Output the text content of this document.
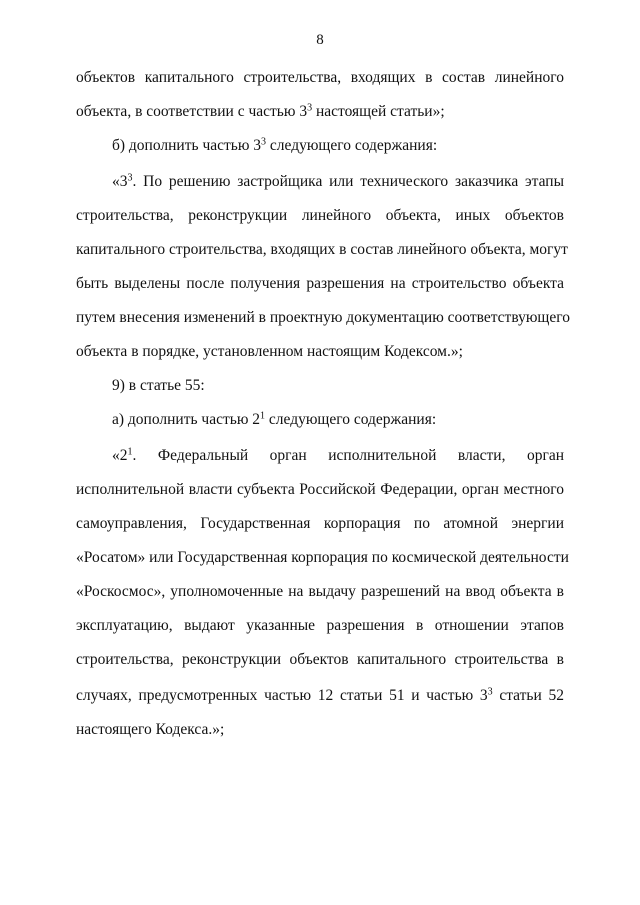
8
объектов капитального строительства, входящих в состав линейного
объекта, в соответствии с частью $3^3$ настоящей статьи»;
б) дополнить частью $3^3$ следующего содержания:
«$3^3$. По решению застройщика или технического заказчика этапы
строительства, реконструкции линейного объекта, иных объектов
капитального строительства, входящих в состав линейного объекта, могут
быть выделены после получения разрешения на строительство объекта
путем внесения изменений в проектную документацию соответствующего
объекта в порядке, установленном настоящим Кодексом.»;
9) в статье 55:
а) дополнить частью $2^1$ следующего содержания:
«$2^1$. Федеральный орган исполнительной власти, орган
исполнительной власти субъекта Российской Федерации, орган местного
самоуправления, Государственная корпорация по атомной энергии
«Росатом» или Государственная корпорация по космической деятельности
«Роскосмос», уполномоченные на выдачу разрешений на ввод объекта в
эксплуатацию, выдают указанные разрешения в отношении этапов
строительства, реконструкции объектов капитального строительства в
случаях, предусмотренных частью 12 статьи 51 и частью $3^3$ статьи 52
настоящего Кодекса.»;
